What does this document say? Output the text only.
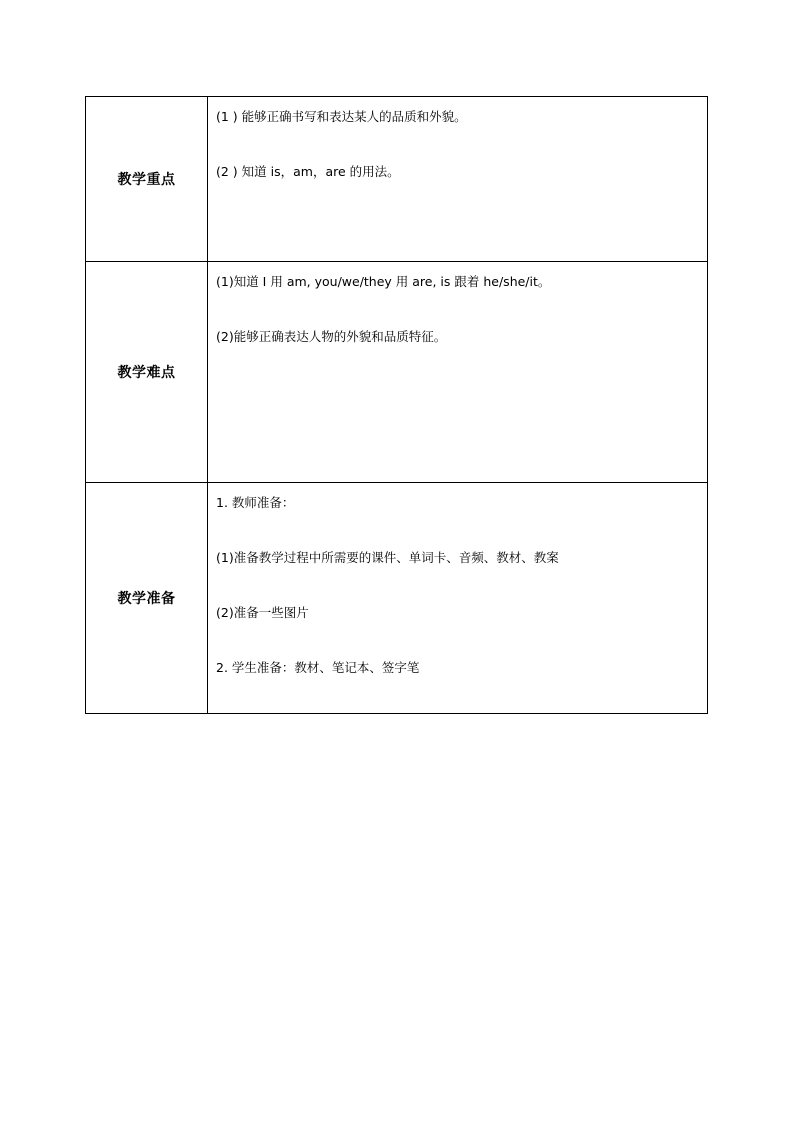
教学重点	(1 ) 能够正确书写和表达某人的品质和外貌。

(2 ) 知道 is，am，are 的用法。

教学难点	(1)知道 I 用 am, you/we/they 用 are, is 跟着 he/she/it。

(2)能够正确表达人物的外貌和品质特征。

教学准备	1. 教师准备：

(1)准备教学过程中所需要的课件、单词卡、音频、教材、教案

(2)准备一些图片

2. 学生准备：教材、笔记本、签字笔
